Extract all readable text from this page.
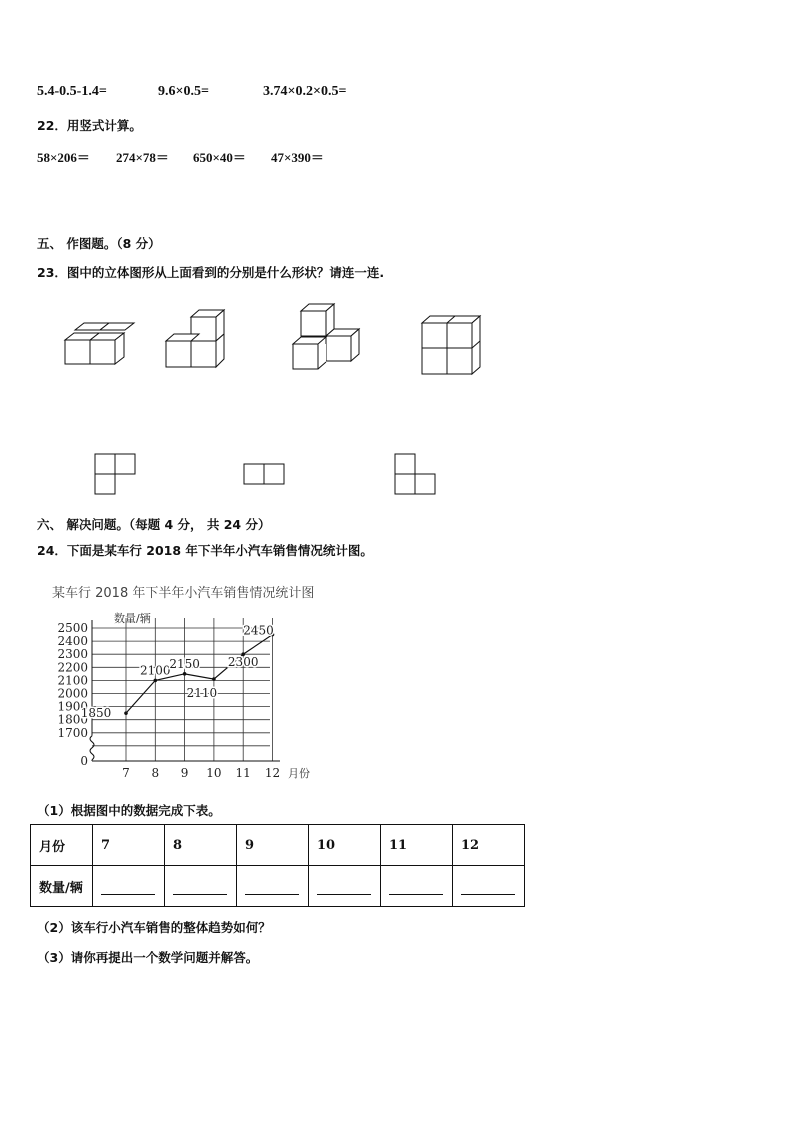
5.4-0.5-1.4=	9.6×0.5=	3.74×0.2×0.5=
22．用竖式计算。
58×206＝ 274×78＝ 650×40＝ 47×390＝
五、 作图题。（8 分）
23．图中的立体图形从上面看到的分别是什么形状？请连一连.
六、 解决问题。（每题 4 分， 共 24 分）
24．下面是某车行 2018 年下半年小汽车销售情况统计图。
某车行 2018 年下半年小汽车销售情况统计图
2500
2400
2300
2200
2100
2000
1900
1800
1700
0
7 8 9 10 11 12
数量/辆
月份
1850
2100
2150
2110
2300
2450
（1）根据图中的数据完成下表。
月份	7	8	9	10	11	12
数量/辆						
（2）该车行小汽车销售的整体趋势如何？
（3）请你再提出一个数学问题并解答。
